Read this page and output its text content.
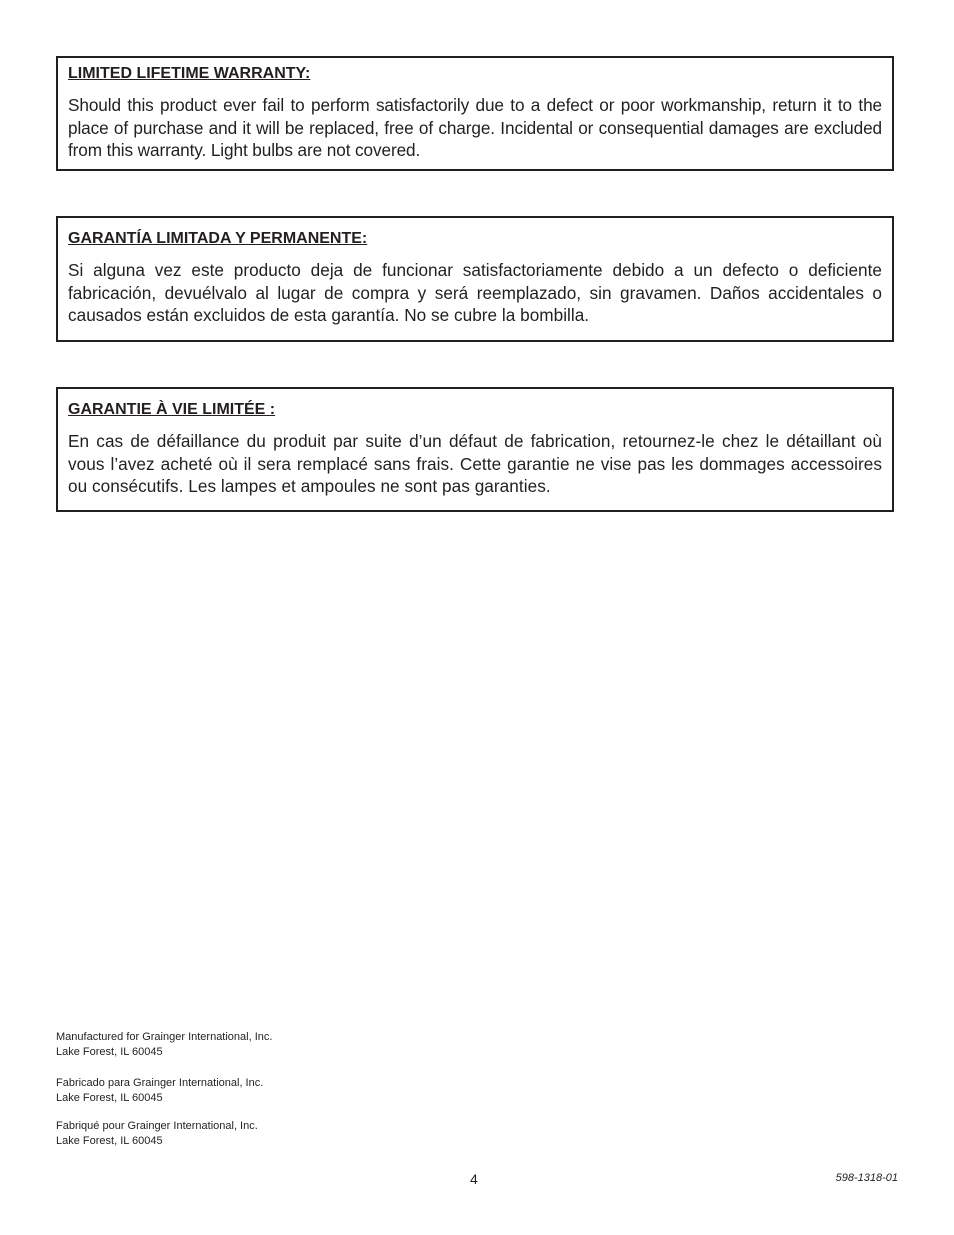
LIMITED LIFETIME WARRANTY:

Should this product ever fail to perform satisfactorily due to a defect or poor workmanship, return it to the place of purchase and it will be replaced, free of charge. Incidental or consequential damages are excluded from this warranty. Light bulbs are not covered.

GARANTÍA LIMITADA Y PERMANENTE:

Si alguna vez este producto deja de funcionar satisfactoriamente debido a un defecto o deficiente fabricación, devuélvalo al lugar de compra y será reemplazado, sin gravamen. Daños accidentales o causados están excluidos de esta garantía. No se cubre la bombilla.

GARANTIE À VIE LIMITÉE :

En cas de défaillance du produit par suite d’un défaut de fabrication, retournez-le chez le détaillant où vous l’avez acheté où il sera remplacé sans frais. Cette garantie ne vise pas les dommages accessoires ou consécutifs. Les lampes et ampoules ne sont pas garanties.

Manufactured for Grainger International, Inc.
Lake Forest, IL 60045
Fabricado para Grainger International, Inc.
Lake Forest, IL 60045
Fabriqué pour Grainger International, Inc.
Lake Forest, IL 60045
4	598-1318-01
